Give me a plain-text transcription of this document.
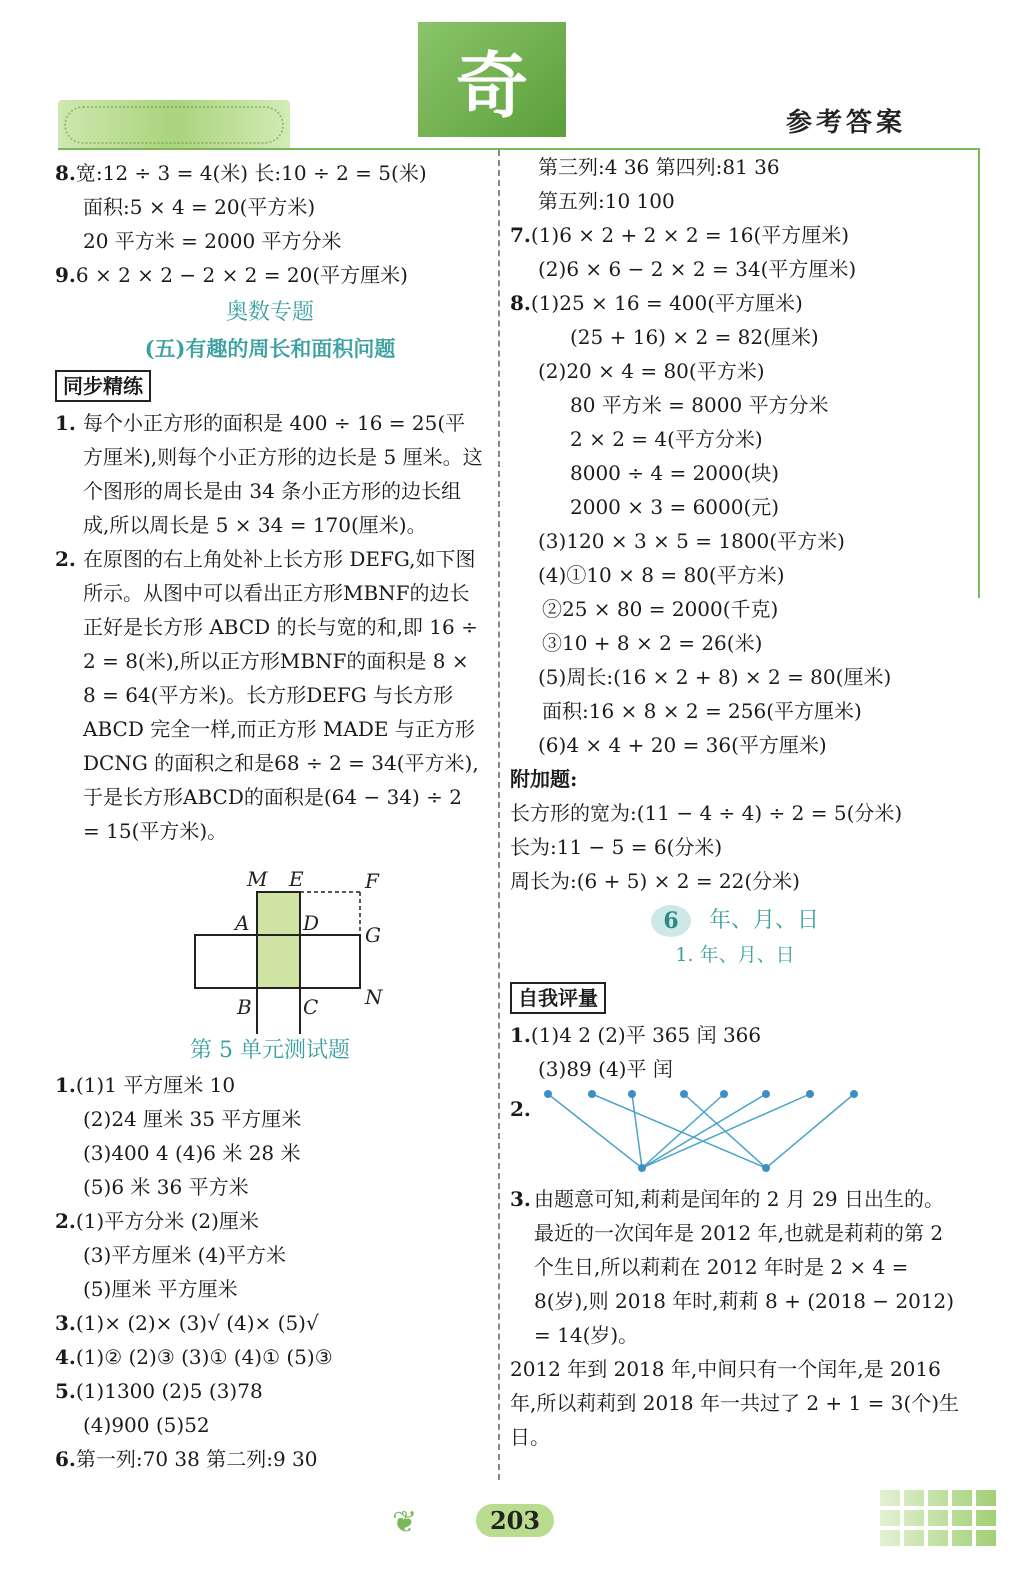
奇	参考答案
8.宽:12 ÷ 3 = 4(米) 长:10 ÷ 2 = 5(米)
面积:5 × 4 = 20(平方米)
20 平方米 = 2000 平方分米
9.6 × 2 × 2 − 2 × 2 = 20(平方厘米)
奥数专题
(五)有趣的周长和面积问题
同步精练
1. 每个小正方形的面积是 400 ÷ 16 = 25(平方厘米),则每个小正方形的边长是 5 厘米。这个图形的周长是由 34 条小正方形的边长组成,所以周长是 5 × 34 = 170(厘米)。
2. 在原图的右上角处补上长方形 DEFG,如下图所示。从图中可以看出正方形MBNF的边长正好是长方形 ABCD 的长与宽的和,即 16 ÷ 2 = 8(米),所以正方形MBNF的面积是 8 × 8 = 64(平方米)。长方形DEFG 与长方形 ABCD 完全一样,而正方形 MADE 与正方形 DCNG 的面积之和是68 ÷ 2 = 34(平方米),于是长方形ABCD的面积是(64 − 34) ÷ 2 = 15(平方米)。
M E	F
A	D G
B	C N
第 5 单元测试题
1.(1)1 平方厘米 10
(2)24 厘米 35 平方厘米
(3)400 4 (4)6 米 28 米
(5)6 米 36 平方米
2.(1)平方分米 (2)厘米
(3)平方厘米 (4)平方米
(5)厘米 平方厘米
3.(1)× (2)× (3)√ (4)× (5)√
4.(1)② (2)③ (3)① (4)① (5)③
5.(1)1300 (2)5 (3)78
(4)900 (5)52
6.第一列:70 38 第二列:9 30
第三列:4 36 第四列:81 36
第五列:10 100
7.(1)6 × 2 + 2 × 2 = 16(平方厘米)
(2)6 × 6 − 2 × 2 = 34(平方厘米)
8.(1)25 × 16 = 400(平方厘米)
(25 + 16) × 2 = 82(厘米)
(2)20 × 4 = 80(平方米)
80 平方米 = 8000 平方分米
2 × 2 = 4(平方分米)
8000 ÷ 4 = 2000(块)
2000 × 3 = 6000(元)
(3)120 × 3 × 5 = 1800(平方米)
(4)①10 × 8 = 80(平方米)
②25 × 80 = 2000(千克)
③10 + 8 × 2 = 26(米)
(5)周长:(16 × 2 + 8) × 2 = 80(厘米)
面积:16 × 8 × 2 = 256(平方厘米)
(6)4 × 4 + 20 = 36(平方厘米)
附加题:
长方形的宽为:(11 − 4 ÷ 4) ÷ 2 = 5(分米)
长为:11 − 5 = 6(分米)
周长为:(6 + 5) × 2 = 22(分米)
6	年、月、日
1. 年、月、日
自我评量
1.(1)4 2 (2)平 365 闰 366
(3)89 (4)平 闰
2.
3. 由题意可知,莉莉是闰年的 2 月 29 日出生的。最近的一次闰年是 2012 年,也就是莉莉的第 2 个生日,所以莉莉在 2012 年时是 2 × 4 = 8(岁),则 2018 年时,莉莉 8 + (2018 − 2012) = 14(岁)。
2012 年到 2018 年,中间只有一个闰年,是 2016 年,所以莉莉到 2018 年一共过了 2 + 1 = 3(个)生日。
❦	203
